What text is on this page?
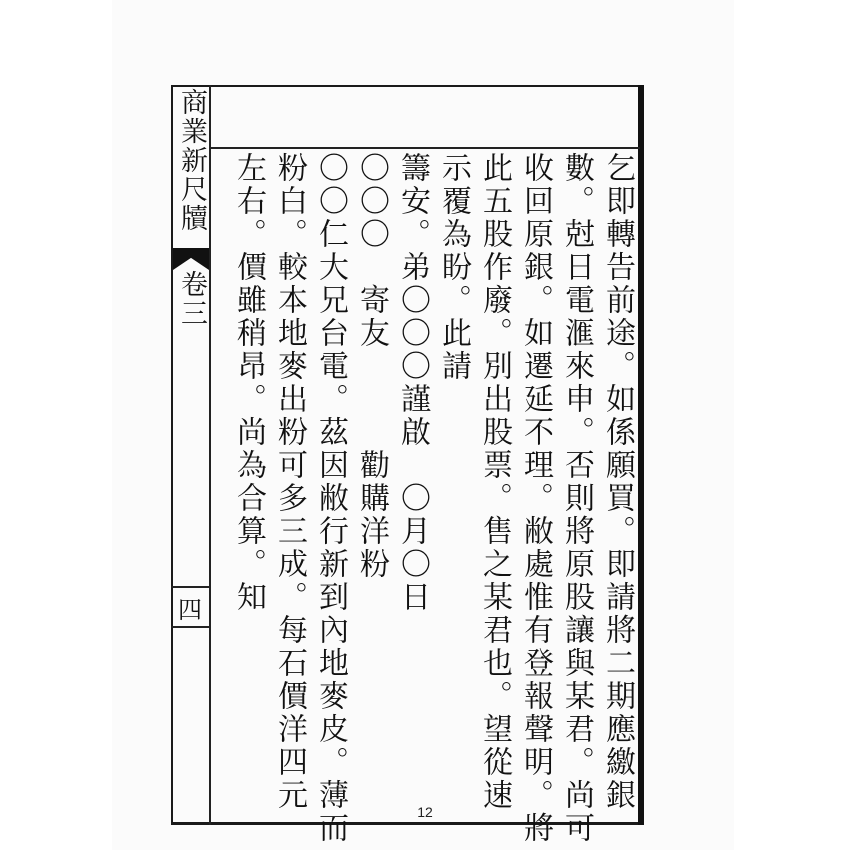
商業新尺牘
卷三
四	乞即轉告前途。如係願買。即請將二期應繳銀
數。尅日電滙來申。否則將原股讓與某君。尚可
收回原銀。如遷延不理。敝處惟有登報聲明。將
此五股作廢。別出股票。售之某君也。望從速
示覆為盼。此請
籌安。弟〇〇〇謹啟　〇月〇日
〇〇〇　寄友　　　勸購洋粉
〇〇仁大兄台電。茲因敝行新到內地麥皮。薄而
粉白。較本地麥出粉可多三成。每石價洋四元
左右。價雖稍昂。尚為合算。知
12
